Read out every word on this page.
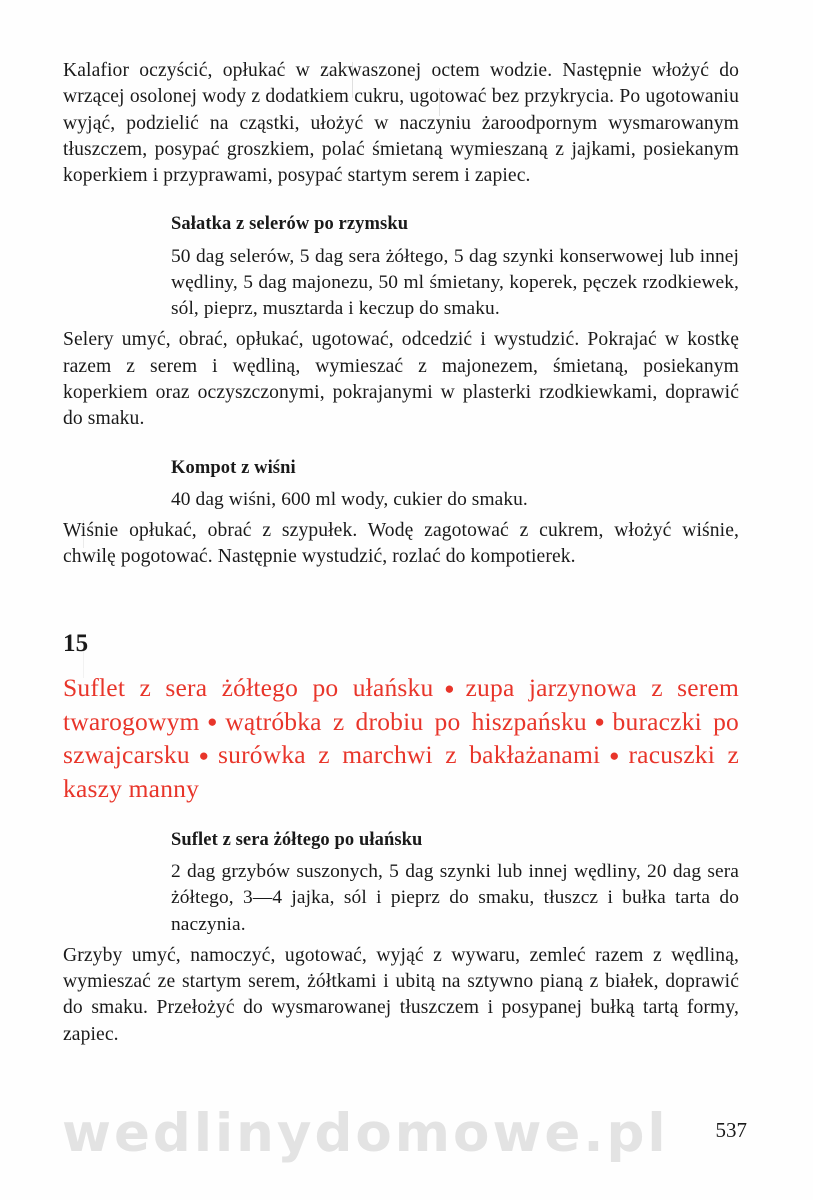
Kalafior oczyścić, opłukać w zakwaszonej octem wodzie. Następnie włożyć do wrzącej osolonej wody z dodatkiem cukru, ugotować bez przykrycia. Po ugotowaniu wyjąć, podzielić na cząstki, ułożyć w naczyniu żaroodpornym wysmarowanym tłuszczem, posypać groszkiem, polać śmietaną wymieszaną z jajkami, posiekanym koperkiem i przyprawami, posypać startym serem i zapiec.

Sałatka z selerów po rzymsku

50 dag selerów, 5 dag sera żółtego, 5 dag szynki konserwowej lub innej wędliny, 5 dag majonezu, 50 ml śmietany, koperek, pęczek rzodkiewek, sól, pieprz, musztarda i keczup do smaku.

Selery umyć, obrać, opłukać, ugotować, odcedzić i wystudzić. Pokrajać w kostkę razem z serem i wędliną, wymieszać z majonezem, śmietaną, posiekanym koperkiem oraz oczyszczonymi, pokrajanymi w plasterki rzodkiewkami, doprawić do smaku.

Kompot z wiśni

40 dag wiśni, 600 ml wody, cukier do smaku.

Wiśnie opłukać, obrać z szypułek. Wodę zagotować z cukrem, włożyć wiśnie, chwilę pogotować. Następnie wystudzić, rozlać do kompotierek.

15

Suflet z sera żółtego po ułańsku ● zupa jarzynowa z serem twarogowym ● wątróbka z drobiu po hiszpańsku ● buraczki po szwajcarsku ● surówka z marchwi z bakłażanami ● racuszki z kaszy manny

Suflet z sera żółtego po ułańsku

2 dag grzybów suszonych, 5 dag szynki lub innej wędliny, 20 dag sera żółtego, 3—4 jajka, sól i pieprz do smaku, tłuszcz i bułka tarta do naczynia.

Grzyby umyć, namoczyć, ugotować, wyjąć z wywaru, zemleć razem z wędliną, wymieszać ze startym serem, żółtkami i ubitą na sztywno pianą z białek, doprawić do smaku. Przełożyć do wysmarowanej tłuszczem i posypanej bułką tartą formy, zapiec.

wedlinydomowe.pl	537
